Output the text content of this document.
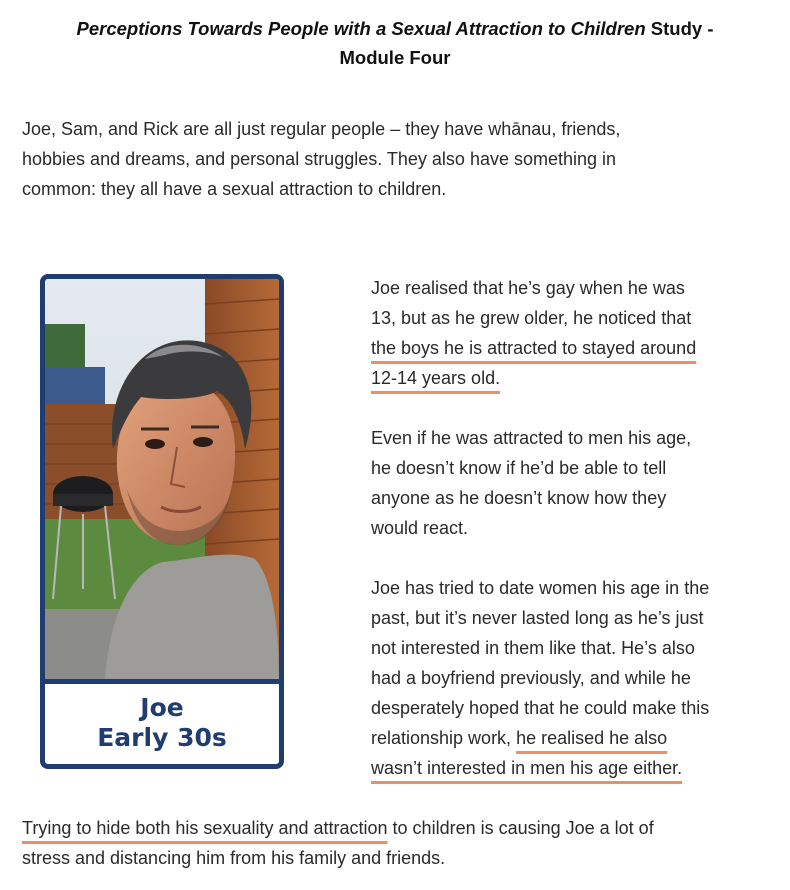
Perceptions Towards People with a Sexual Attraction to Children Study -
Module Four

Joe, Sam, and Rick are all just regular people – they have whānau, friends,
hobbies and dreams, and personal struggles. They also have something in
common: they all have a sexual attraction to children.

Joe
Early 30s

Joe realised that he’s gay when he was
13, but as he grew older, he noticed that
the boys he is attracted to stayed around
12-14 years old.

Even if he was attracted to men his age,
he doesn’t know if he’d be able to tell
anyone as he doesn’t know how they
would react.

Joe has tried to date women his age in the
past, but it’s never lasted long as he’s just
not interested in them like that. He’s also
had a boyfriend previously, and while he
desperately hoped that he could make this
relationship work, he realised he also
wasn’t interested in men his age either.

Trying to hide both his sexuality and attraction to children is causing Joe a lot of
stress and distancing him from his family and friends.
